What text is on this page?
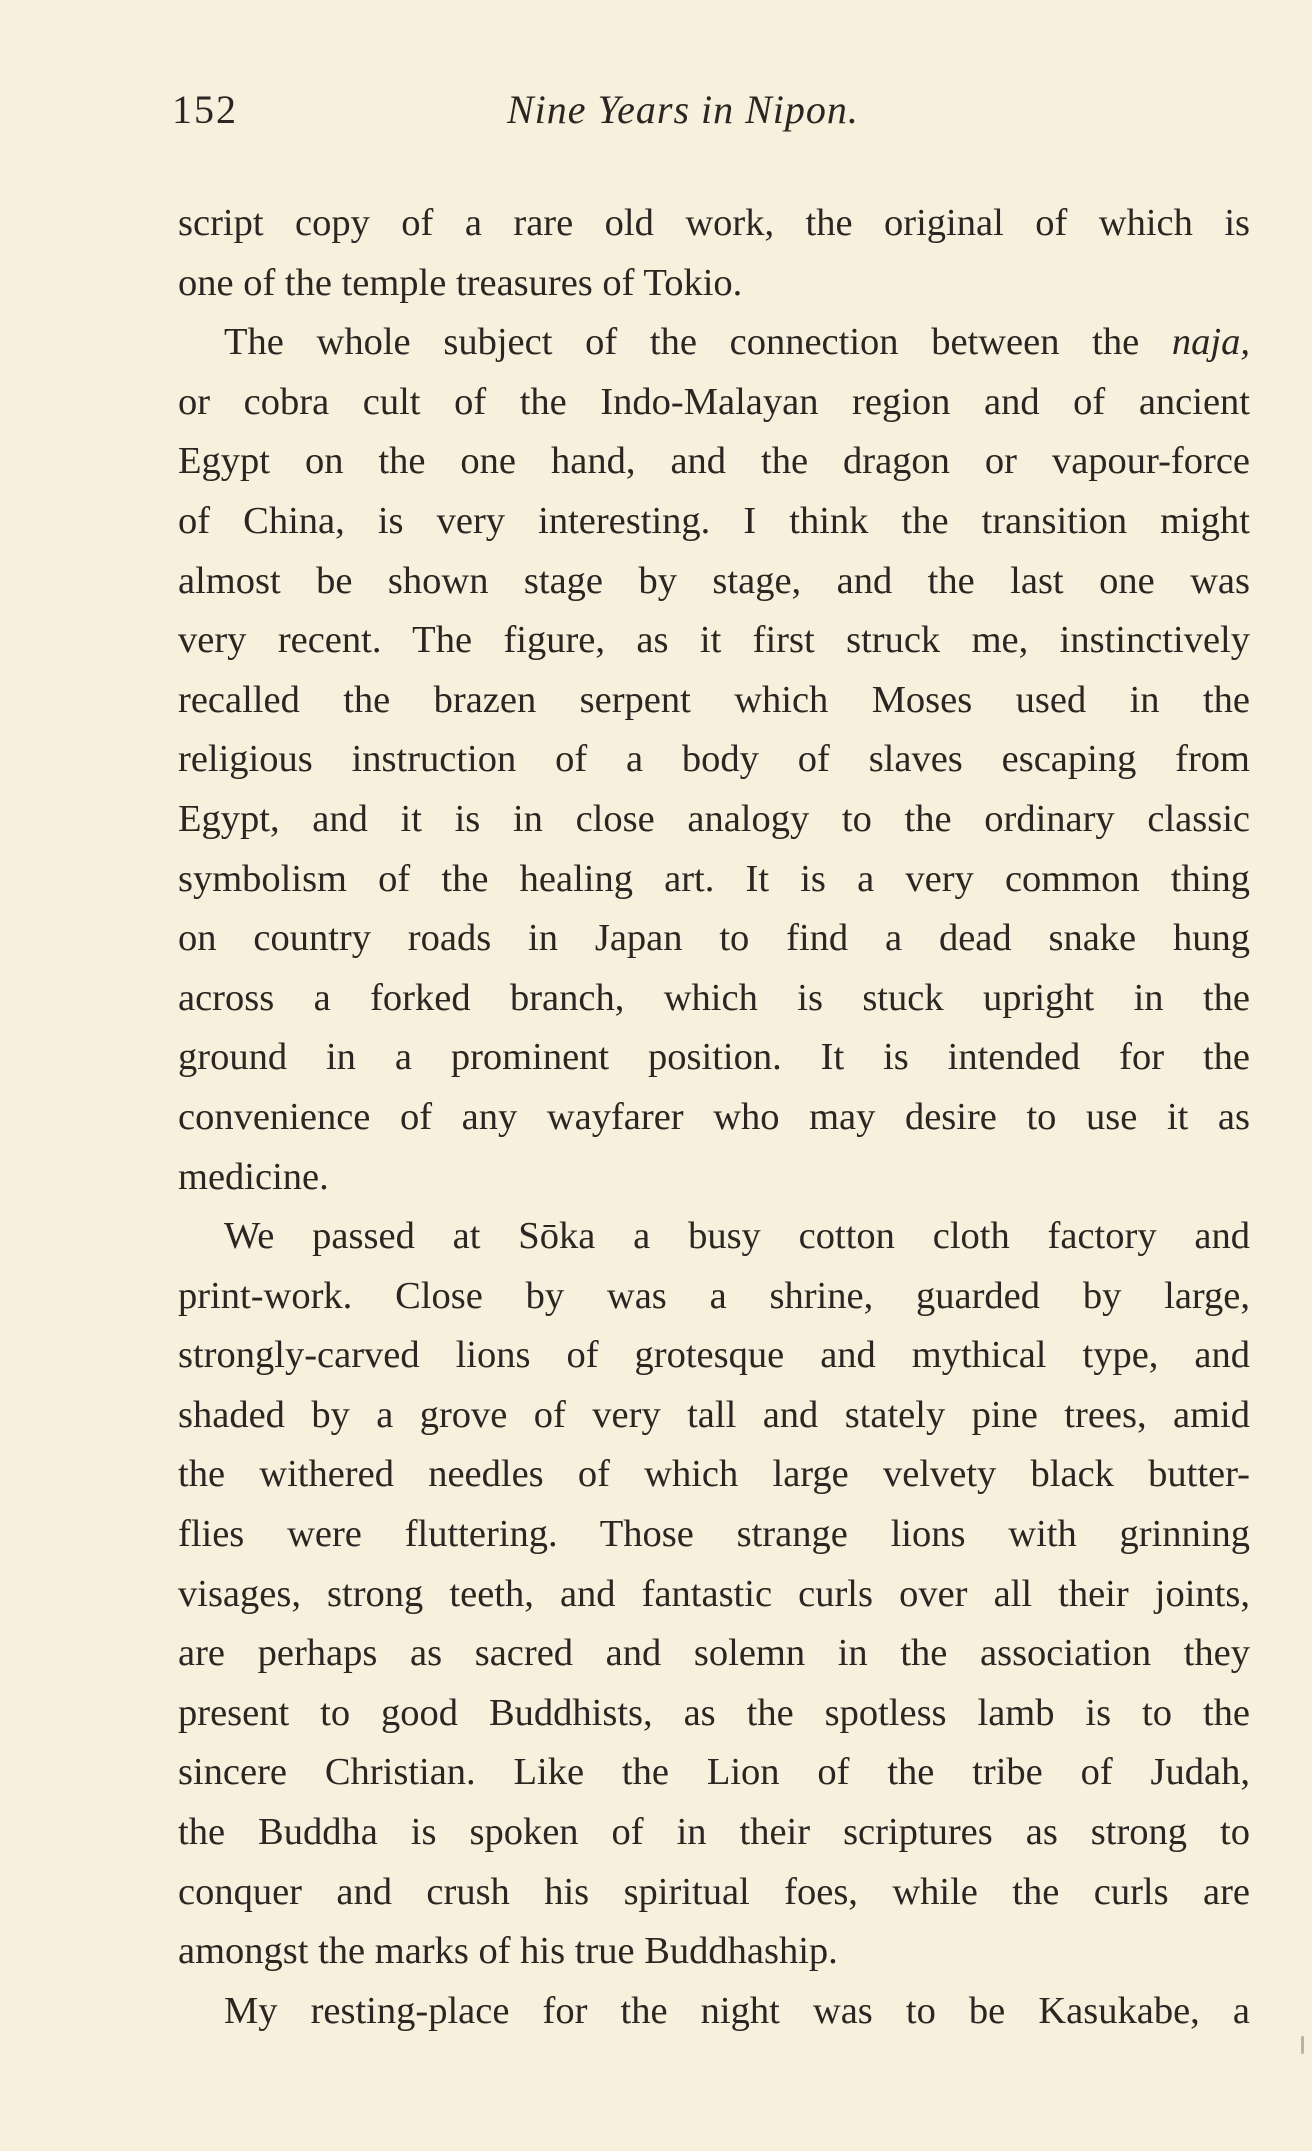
152	Nine Years in Nipon.
script copy of a rare old work, the original of which is
one of the temple treasures of Tokio.
The whole subject of the connection between the naja,
or cobra cult of the Indo-Malayan region and of ancient
Egypt on the one hand, and the dragon or vapour-force
of China, is very interesting. I think the transition might
almost be shown stage by stage, and the last one was
very recent. The figure, as it first struck me, instinctively
recalled the brazen serpent which Moses used in the
religious instruction of a body of slaves escaping from
Egypt, and it is in close analogy to the ordinary classic
symbolism of the healing art. It is a very common thing
on country roads in Japan to find a dead snake hung
across a forked branch, which is stuck upright in the
ground in a prominent position. It is intended for the
convenience of any wayfarer who may desire to use it as
medicine.
We passed at Sōka a busy cotton cloth factory and
print-work. Close by was a shrine, guarded by large,
strongly-carved lions of grotesque and mythical type, and
shaded by a grove of very tall and stately pine trees, amid
the withered needles of which large velvety black butter-
flies were fluttering. Those strange lions with grinning
visages, strong teeth, and fantastic curls over all their joints,
are perhaps as sacred and solemn in the association they
present to good Buddhists, as the spotless lamb is to the
sincere Christian. Like the Lion of the tribe of Judah,
the Buddha is spoken of in their scriptures as strong to
conquer and crush his spiritual foes, while the curls are
amongst the marks of his true Buddhaship.
My resting-place for the night was to be Kasukabe, a
